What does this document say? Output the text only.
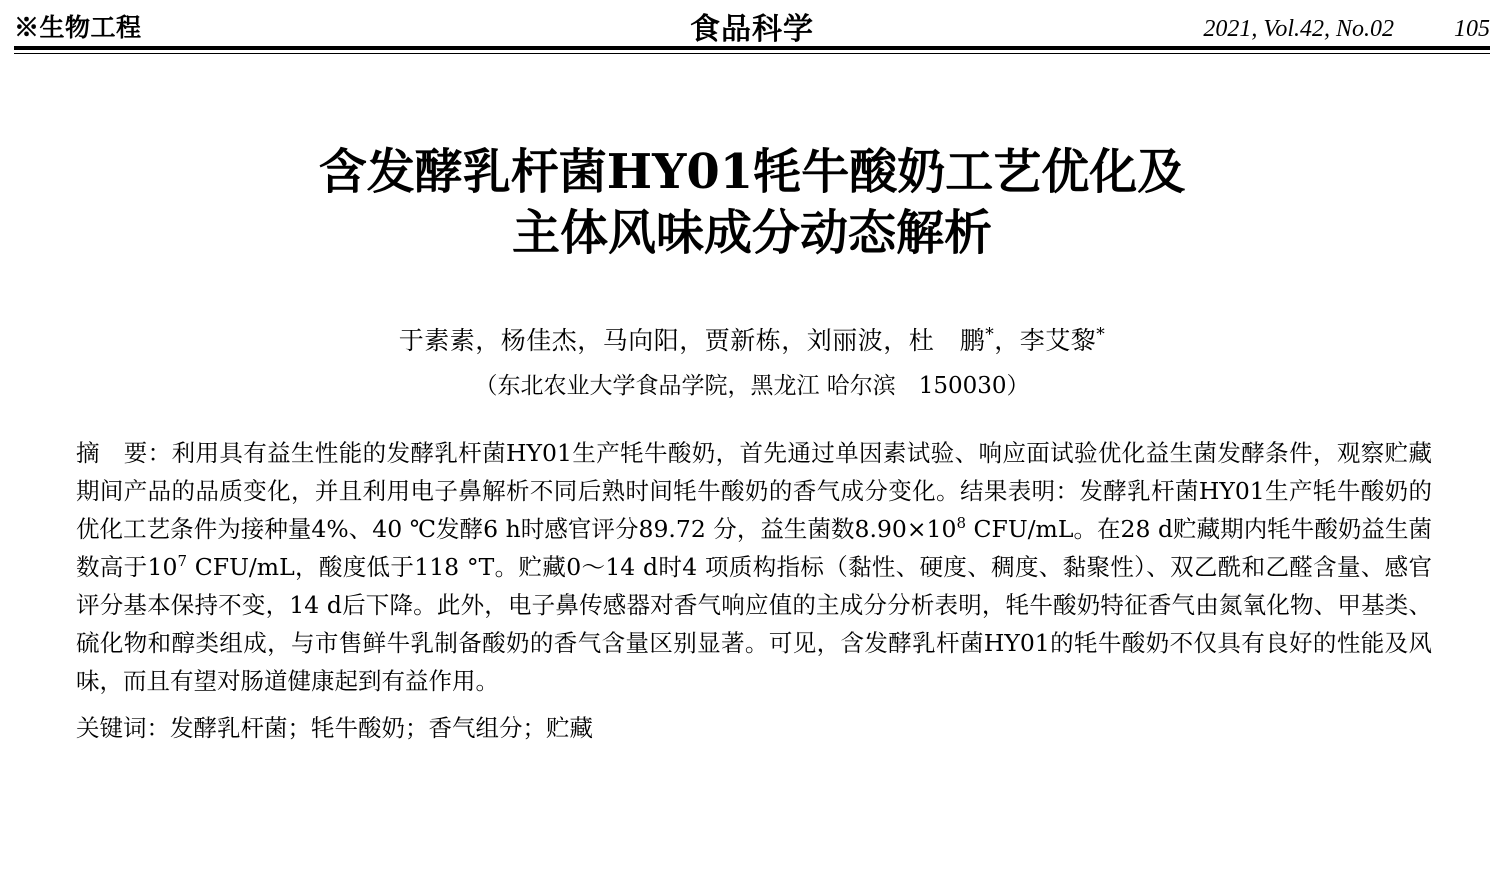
※生物工程	食品科学	2021, Vol.42, No.02	105
含发酵乳杆菌HY01牦牛酸奶工艺优化及
主体风味成分动态解析
于素素，杨佳杰，马向阳，贾新栋，刘丽波，杜　鹏*，李艾黎*
（东北农业大学食品学院，黑龙江 哈尔滨　150030）

摘　要：利用具有益生性能的发酵乳杆菌HY01生产牦牛酸奶，首先通过单因素试验、响应面试验优化益生菌发酵条件，观察贮藏期间产品的品质变化，并且利用电子鼻解析不同后熟时间牦牛酸奶的香气成分变化。结果表明：发酵乳杆菌HY01生产牦牛酸奶的优化工艺条件为接种量4%、40 ℃发酵6 h时感官评分89.72 分，益生菌数$8.90\times 10^8$ CFU/mL。在28 d贮藏期内牦牛酸奶益生菌数高于$10^7$ CFU/mL，酸度低于118 °T。贮藏0～14 d时4 项质构指标（黏性、硬度、稠度、黏聚性）、双乙酰和乙醛含量、感官评分基本保持不变，14 d后下降。此外，电子鼻传感器对香气响应值的主成分分析表明，牦牛酸奶特征香气由氮氧化物、甲基类、硫化物和醇类组成，与市售鲜牛乳制备酸奶的香气含量区别显著。可见，含发酵乳杆菌HY01的牦牛酸奶不仅具有良好的性能及风味，而且有望对肠道健康起到有益作用。

关键词：发酵乳杆菌；牦牛酸奶；香气组分；贮藏
